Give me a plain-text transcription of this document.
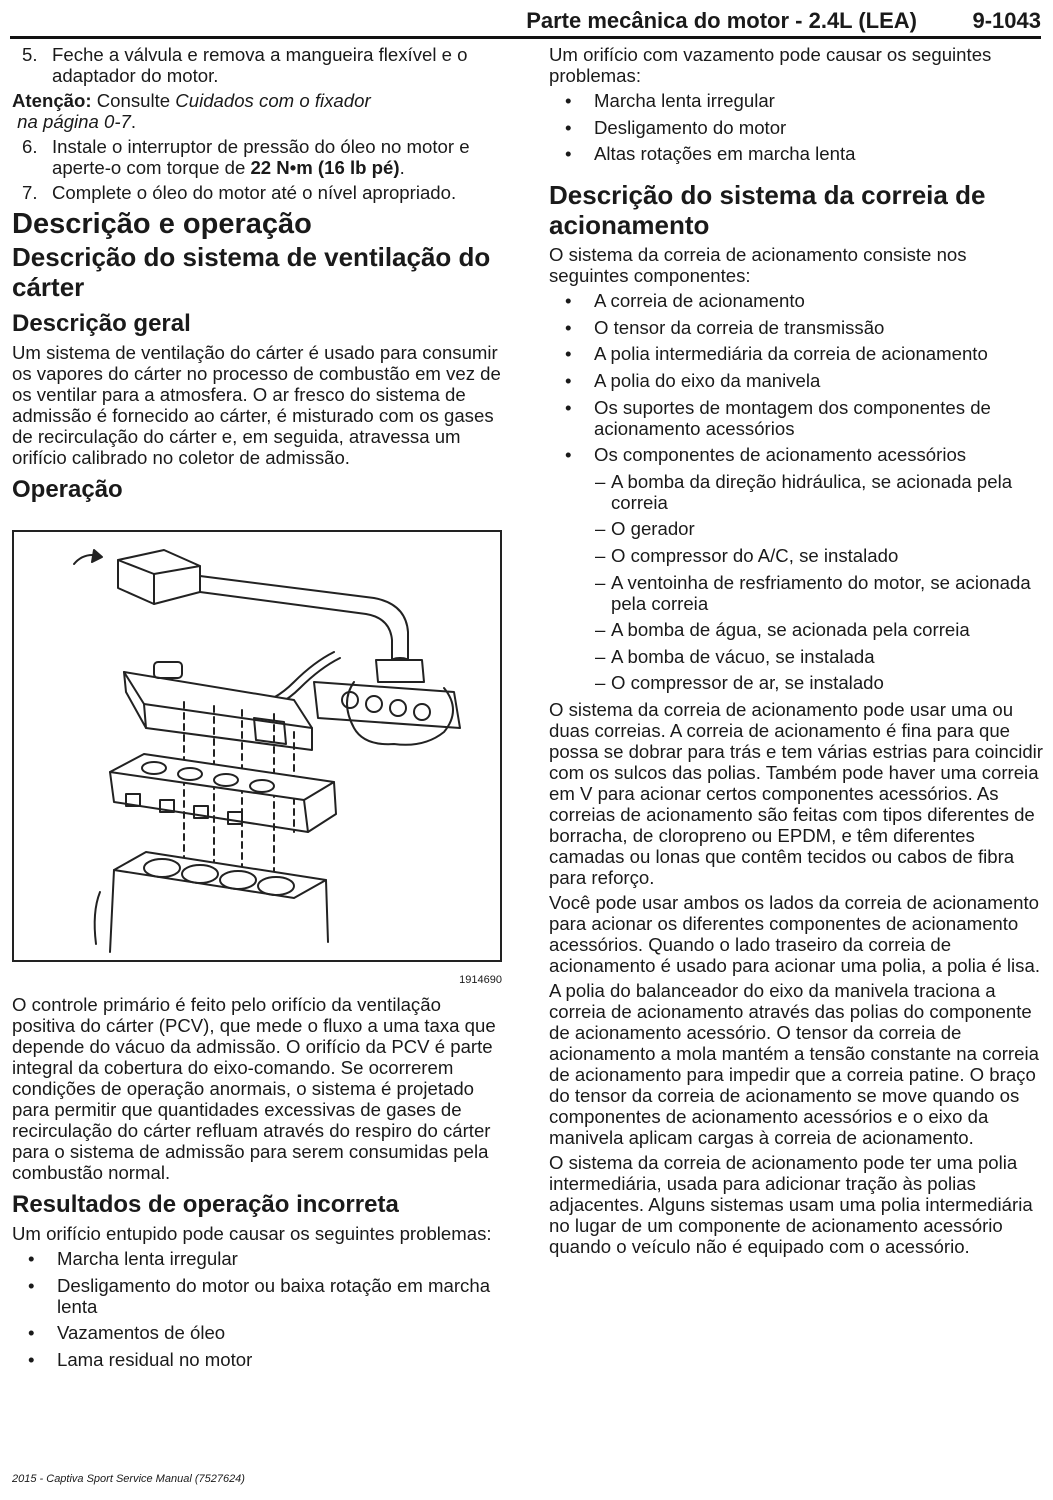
Parte mecânica do motor - 2.4L (LEA)	9-1043
5. Feche a válvula e remova a mangueira flexível e o adaptador do motor.

Atenção: Consulte Cuidados com o fixador
na página 0-7.

6. Instale o interruptor de pressão do óleo no motor e aperte-o com torque de 22 N•m (16 lb pé).
7. Complete o óleo do motor até o nível apropriado.
Descrição e operação
Descrição do sistema de ventilação do cárter
Descrição geral

Um sistema de ventilação do cárter é usado para consumir os vapores do cárter no processo de combustão em vez de os ventilar para a atmosfera. O ar fresco do sistema de admissão é fornecido ao cárter, é misturado com os gases de recirculação do cárter e, em seguida, atravessa um orifício calibrado no coletor de admissão.

Operação
1914690

O controle primário é feito pelo orifício da ventilação positiva do cárter (PCV), que mede o fluxo a uma taxa que depende do vácuo da admissão. O orifício da PCV é parte integral da cobertura do eixo-comando. Se ocorrerem condições de operação anormais, o sistema é projetado para permitir que quantidades excessivas de gases de recirculação do cárter refluam através do respiro do cárter para o sistema de admissão para serem consumidas pela combustão normal.

Resultados de operação incorreta

Um orifício entupido pode causar os seguintes problemas:

• Marcha lenta irregular
• Desligamento do motor ou baixa rotação em marcha lenta
• Vazamentos de óleo
• Lama residual no motor

Um orifício com vazamento pode causar os seguintes problemas:

• Marcha lenta irregular
• Desligamento do motor
• Altas rotações em marcha lenta
Descrição do sistema da correia de acionamento

O sistema da correia de acionamento consiste nos seguintes componentes:

• A correia de acionamento
• O tensor da correia de transmissão
• A polia intermediária da correia de acionamento
• A polia do eixo da manivela
• Os suportes de montagem dos componentes de acionamento acessórios
• Os componentes de acionamento acessórios
– A bomba da direção hidráulica, se acionada pela correia
– O gerador
– O compressor do A/C, se instalado
– A ventoinha de resfriamento do motor, se acionada pela correia
– A bomba de água, se acionada pela correia
– A bomba de vácuo, se instalada
– O compressor de ar, se instalado

O sistema da correia de acionamento pode usar uma ou duas correias. A correia de acionamento é fina para que possa se dobrar para trás e tem várias estrias para coincidir com os sulcos das polias. Também pode haver uma correia em V para acionar certos componentes acessórios. As correias de acionamento são feitas com tipos diferentes de borracha, de cloropreno ou EPDM, e têm diferentes camadas ou lonas que contêm tecidos ou cabos de fibra para reforço.

Você pode usar ambos os lados da correia de acionamento para acionar os diferentes componentes de acionamento acessórios. Quando o lado traseiro da correia de acionamento é usado para acionar uma polia, a polia é lisa.

A polia do balanceador do eixo da manivela traciona a correia de acionamento através das polias do componente de acionamento acessório. O tensor da correia de acionamento a mola mantém a tensão constante na correia de acionamento para impedir que a correia patine. O braço do tensor da correia de acionamento se move quando os componentes de acionamento acessórios e o eixo da manivela aplicam cargas à correia de acionamento.

O sistema da correia de acionamento pode ter uma polia intermediária, usada para adicionar tração às polias adjacentes. Alguns sistemas usam uma polia intermediária no lugar de um componente de acionamento acessório quando o veículo não é equipado com o acessório.

2015 - Captiva Sport Service Manual (7527624)
